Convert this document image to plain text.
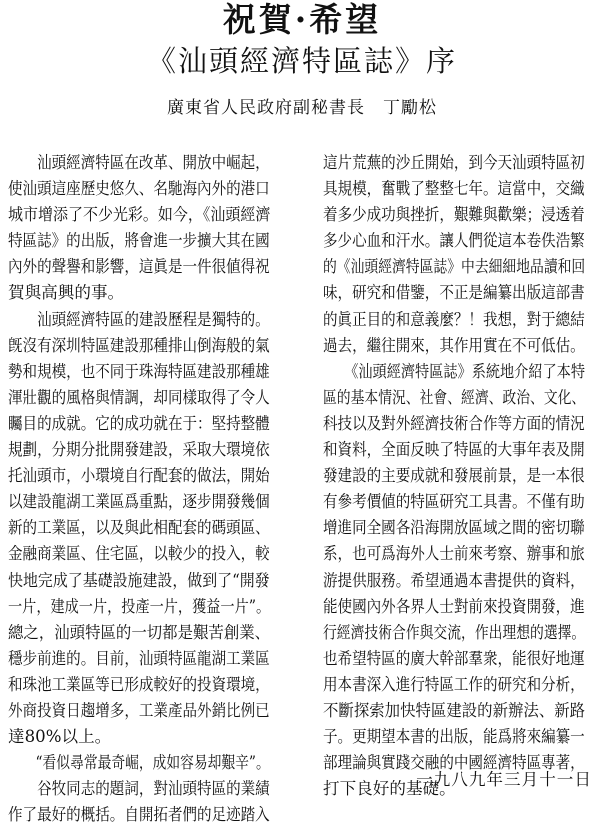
祝賀·希望
《汕頭經濟特區誌》序
廣東省人民政府副秘書長　丁勵松
　　汕頭經濟特區在改革、開放中崛起，
使汕頭這座歷史悠久、名馳海內外的港口
城市增添了不少光彩。如今，《汕頭經濟
特區誌》的出版，將會進一步擴大其在國
內外的聲譽和影響，這眞是一件很値得祝
賀與高興的事。
　　汕頭經濟特區的建設歷程是獨特的。
旣沒有深圳特區建設那種排山倒海般的氣
勢和規模，也不同于珠海特區建設那種雄
渾壯觀的風格與情調，却同樣取得了令人
矚目的成就。它的成功就在于：堅持整體
規劃，分期分批開發建設，采取大環境依
托汕頭市，小環境自行配套的做法，開始
以建設龍湖工業區爲重點，逐步開發幾個
新的工業區，以及與此相配套的碼頭區、
金融商業區、住宅區，以較少的投入，較
快地完成了基礎設施建設，做到了“開發
一片，建成一片，投產一片，獲益一片”。
總之，汕頭特區的一切都是艱苦創業、
穩步前進的。目前，汕頭特區龍湖工業區
和珠池工業區等已形成較好的投資環境，
外商投資日趨增多，工業產品外銷比例已
達80%以上。
　　“看似尋常最奇崛，成如容易却艱辛”。
　　谷牧同志的題詞，對汕頭特區的業績
作了最好的概括。自開拓者們的足迹踏入
這片荒蕪的沙丘開始，到今天汕頭特區初
具規模，奮戰了整整七年。這當中，交織
着多少成功與挫折，艱難與歡樂；浸透着
多少心血和汗水。讓人們從這本卷佚浩繁
的《汕頭經濟特區誌》中去細細地品讀和回
味，研究和借鑒，不正是編纂出版這部書
的眞正目的和意義麼？！我想，對于總結
過去，繼往開來，其作用實在不可低估。
　　《汕頭經濟特區誌》系統地介紹了本特
區的基本情況、社會、經濟、政治、文化、
科技以及對外經濟技術合作等方面的情況
和資料，全面反映了特區的大事年表及開
發建設的主要成就和發展前景，是一本很
有參考價値的特區研究工具書。不僅有助
增進同全國各沿海開放區域之間的密切聯
系，也可爲海外人士前來考察、辦事和旅
游提供服務。希望通過本書提供的資料，
能使國內外各界人士對前來投資開發，進
行經濟技術合作與交流，作出理想的選擇。
也希望特區的廣大幹部羣衆，能很好地運
用本書深入進行特區工作的研究和分析，
不斷探索加快特區建設的新辦法、新路
子。更期望本書的出版，能爲將來編纂一
部理論與實踐交融的中國經濟特區專著，
打下良好的基礎。
一九八九年三月十一日
